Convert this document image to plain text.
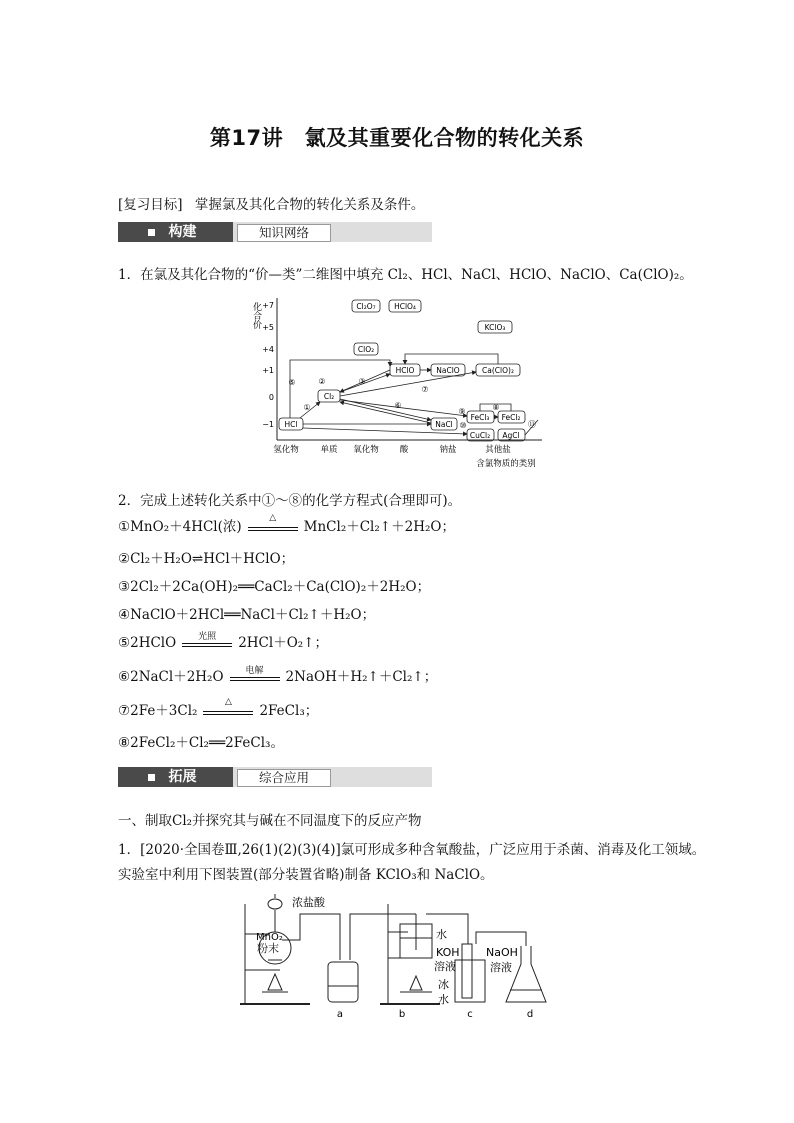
第17讲　氯及其重要化合物的转化关系
[复习目标] 掌握氯及其化合物的转化关系及条件。
构建	知识网络
1．在氯及其化合物的“价—类”二维图中填充 Cl₂、HCl、NaCl、HClO、NaClO、Ca(ClO)₂。
化合价 +7
+5
+4
+1
0
−1
氢化物	单质 氧化物 酸	钠盐	其他盐
含氯物质的类别
Cl₂O₇ HClO₄
KClO₃
ClO₂
HClO	NaClO	Ca(ClO)₂
Cl₂
HCl	NaCl
FeCl₃ FeCl₂
CuCl₂ AgCl
①
②	③
⑤
⑥
⑦
⑧
⑨
⑩	⑪
2．完成上述转化关系中①～⑧的化学方程式(合理即可)。
①MnO₂＋4HCl(浓)
△
MnCl₂＋Cl₂↑＋2H₂O；
②Cl₂＋H₂O⇌HCl＋HClO；
③2Cl₂＋2Ca(OH)₂══CaCl₂＋Ca(ClO)₂＋2H₂O；
④NaClO＋2HCl══NaCl＋Cl₂↑＋H₂O；
⑤2HClO	光照	2HCl＋O₂↑；
⑥2NaCl＋2H₂O	电解	2NaOH＋H₂↑＋Cl₂↑；
⑦2Fe＋3Cl₂
△
2FeCl₃；
⑧2FeCl₂＋Cl₂══2FeCl₃。
拓展	综合应用
一、制取Cl₂并探究其与碱在不同温度下的反应产物
1．[2020·全国卷Ⅲ,26(1)(2)(3)(4)]氯可形成多种含氧酸盐，广泛应用于杀菌、消毒及化工领域。
实验室中利用下图装置(部分装置省略)制备 KClO₃和 NaClO。
浓盐酸
MnO₂	水
KOH
溶液
冰
水
NaOH
溶液
a	b	c	d
粉末
